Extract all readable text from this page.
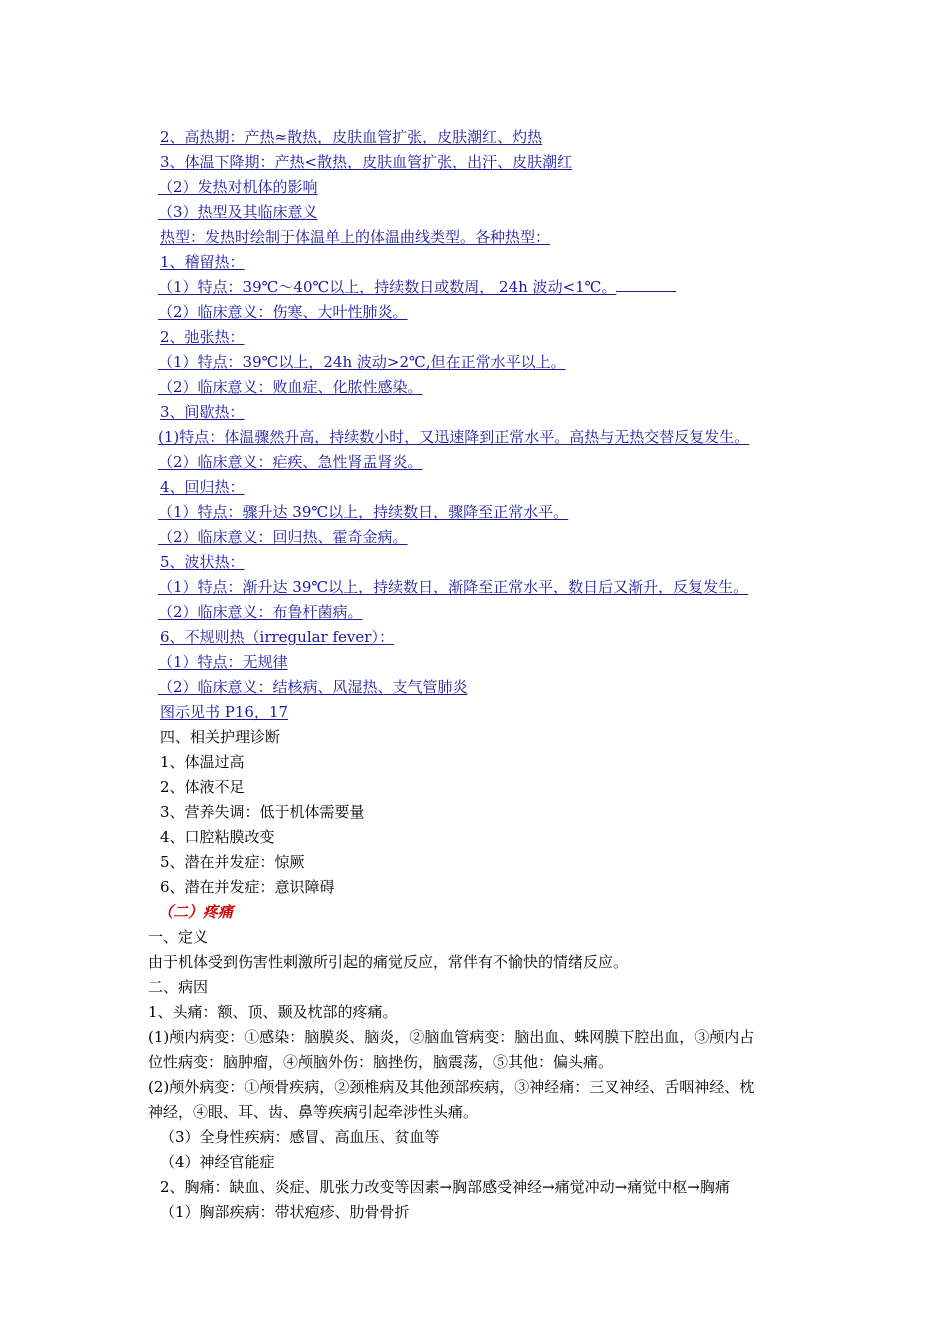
2、高热期：产热≈散热，皮肤血管扩张，皮肤潮红、灼热
3、体温下降期：产热<散热，皮肤血管扩张，出汗、皮肤潮红
（2）发热对机体的影响
（3）热型及其临床意义
热型：发热时绘制于体温单上的体温曲线类型。各种热型：
1、稽留热：
（1）特点：39℃～40℃以上，持续数日或数周， 24h 波动<1℃。
（2）临床意义：伤寒、大叶性肺炎。
2、弛张热：
（1）特点：39℃以上，24h 波动>2℃,但在正常水平以上。
（2）临床意义：败血症、化脓性感染。
3、间歇热：
(1)特点：体温骤然升高，持续数小时，又迅速降到正常水平。高热与无热交替反复发生。
（2）临床意义：疟疾、急性肾盂肾炎。
4、回归热：
（1）特点：骤升达 39℃以上，持续数日，骤降至正常水平。
（2）临床意义：回归热、霍奇金病。
5、波状热：
（1）特点：渐升达 39℃以上，持续数日，渐降至正常水平，数日后又渐升，反复发生。
（2）临床意义：布鲁杆菌病。
6、不规则热（irregular fever）：
（1）特点：无规律
（2）临床意义：结核病、风湿热、支气管肺炎
图示见书 P16，17
四、相关护理诊断
1、体温过高
2、体液不足
3、营养失调：低于机体需要量
4、口腔粘膜改变
5、潜在并发症：惊厥
6、潜在并发症：意识障碍
（二）疼痛
一、定义
由于机体受到伤害性刺激所引起的痛觉反应，常伴有不愉快的情绪反应。
二、病因
1、头痛：额、顶、颞及枕部的疼痛。
(1)颅内病变：①感染：脑膜炎、脑炎，②脑血管病变：脑出血、蛛网膜下腔出血，③颅内占
位性病变：脑肿瘤，④颅脑外伤：脑挫伤，脑震荡，⑤其他：偏头痛。
(2)颅外病变：①颅骨疾病，②颈椎病及其他颈部疾病，③神经痛：三叉神经、舌咽神经、枕
神经，④眼、耳、齿、鼻等疾病引起牵涉性头痛。
（3）全身性疾病：感冒、高血压、贫血等
（4）神经官能症
2、胸痛：缺血、炎症、肌张力改变等因素→胸部感受神经→痛觉冲动→痛觉中枢→胸痛
（1）胸部疾病：带状疱疹、肋骨骨折
